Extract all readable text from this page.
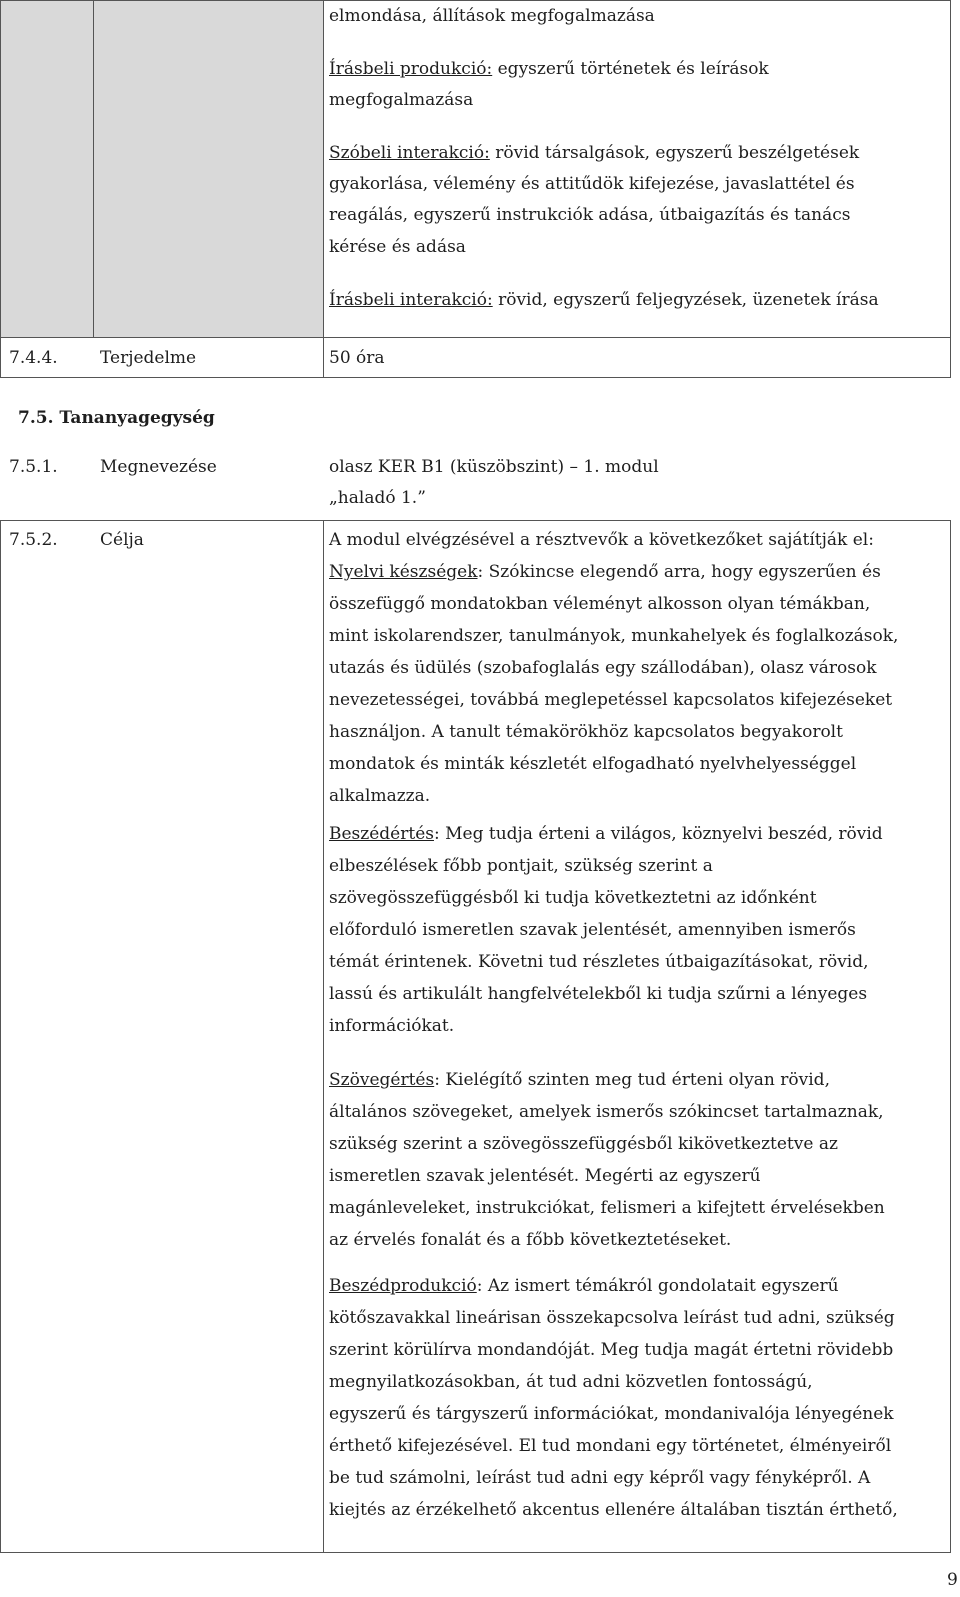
elmondása, állítások megfogalmazása
Írásbeli produkció: egyszerű történetek és leírások
megfogalmazása
Szóbeli interakció: rövid társalgások, egyszerű beszélgetések
gyakorlása, vélemény és attitűdök kifejezése, javaslattétel és
reagálás, egyszerű instrukciók adása, útbaigazítás és tanács
kérése és adása
Írásbeli interakció: rövid, egyszerű feljegyzések, üzenetek írása
7.4.4. Terjedelme	50 óra
7.5. Tananyagegység
7.5.1. Megnevezése	olasz KER B1 (küszöbszint) – 1. modul
„haladó 1.”
7.5.2. Célja	A modul elvégzésével a résztvevők a következőket sajátítják el:
Nyelvi készségek: Szókincse elegendő arra, hogy egyszerűen és
összefüggő mondatokban véleményt alkosson olyan témákban,
mint iskolarendszer, tanulmányok, munkahelyek és foglalkozások,
utazás és üdülés (szobafoglalás egy szállodában), olasz városok
nevezetességei, továbbá meglepetéssel kapcsolatos kifejezéseket
használjon. A tanult témakörökhöz kapcsolatos begyakorolt
mondatok és minták készletét elfogadható nyelvhelyességgel
alkalmazza.
Beszédértés: Meg tudja érteni a világos, köznyelvi beszéd, rövid
elbeszélések főbb pontjait, szükség szerint a
szövegösszefüggésből ki tudja következtetni az időnként
előforduló ismeretlen szavak jelentését, amennyiben ismerős
témát érintenek. Követni tud részletes útbaigazításokat, rövid,
lassú és artikulált hangfelvételekből ki tudja szűrni a lényeges
információkat.
Szövegértés: Kielégítő szinten meg tud érteni olyan rövid,
általános szövegeket, amelyek ismerős szókincset tartalmaznak,
szükség szerint a szövegösszefüggésből kikövetkeztetve az
ismeretlen szavak jelentését. Megérti az egyszerű
magánleveleket, instrukciókat, felismeri a kifejtett érvelésekben
az érvelés fonalát és a főbb következtetéseket.
Beszédprodukció: Az ismert témákról gondolatait egyszerű
kötőszavakkal lineárisan összekapcsolva leírást tud adni, szükség
szerint körülírva mondandóját. Meg tudja magát értetni rövidebb
megnyilatkozásokban, át tud adni közvetlen fontosságú,
egyszerű és tárgyszerű információkat, mondanivalója lényegének
érthető kifejezésével. El tud mondani egy történetet, élményeiről
be tud számolni, leírást tud adni egy képről vagy fényképről. A
kiejtés az érzékelhető akcentus ellenére általában tisztán érthető,
9
